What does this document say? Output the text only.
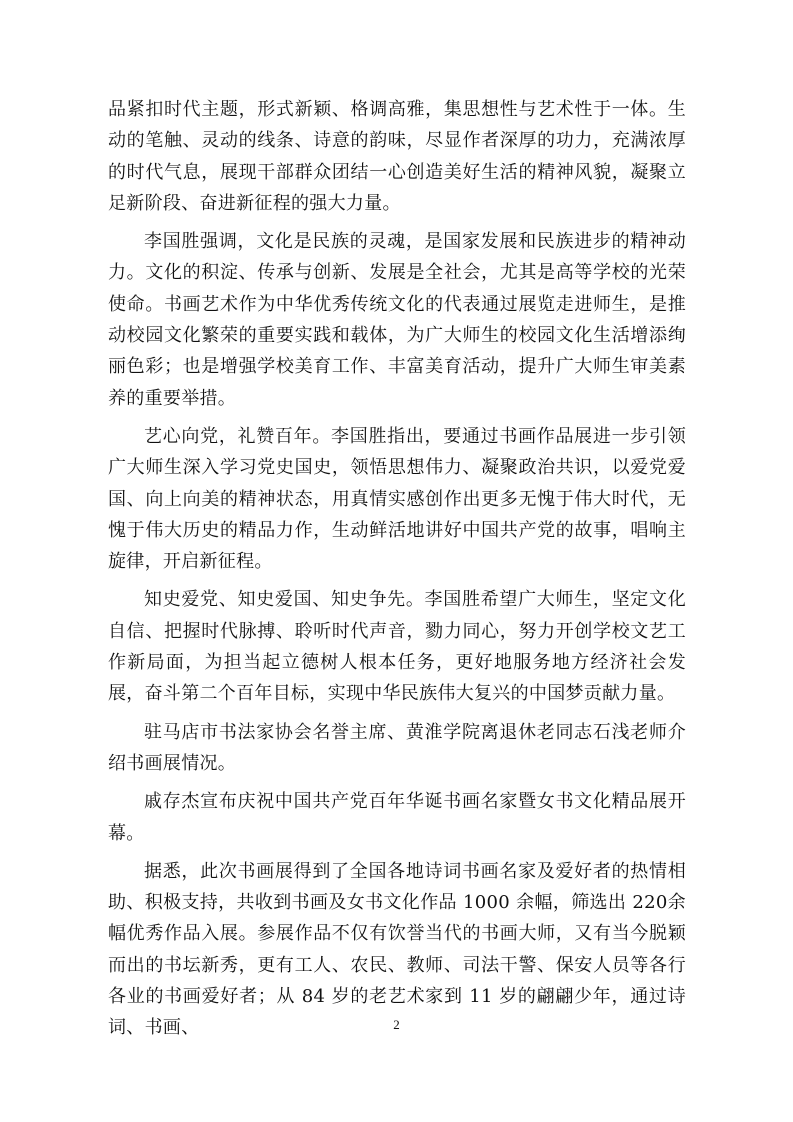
品紧扣时代主题，形式新颖、格调高雅，集思想性与艺术性于一体。生动的笔触、灵动的线条、诗意的韵味，尽显作者深厚的功力，充满浓厚的时代气息，展现干部群众团结一心创造美好生活的精神风貌，凝聚立足新阶段、奋进新征程的强大力量。

李国胜强调，文化是民族的灵魂，是国家发展和民族进步的精神动力。文化的积淀、传承与创新、发展是全社会，尤其是高等学校的光荣使命。书画艺术作为中华优秀传统文化的代表通过展览走进师生，是推动校园文化繁荣的重要实践和载体，为广大师生的校园文化生活增添绚丽色彩；也是增强学校美育工作、丰富美育活动，提升广大师生审美素养的重要举措。

艺心向党，礼赞百年。李国胜指出，要通过书画作品展进一步引领广大师生深入学习党史国史，领悟思想伟力、凝聚政治共识，以爱党爱国、向上向美的精神状态，用真情实感创作出更多无愧于伟大时代，无愧于伟大历史的精品力作，生动鲜活地讲好中国共产党的故事，唱响主旋律，开启新征程。

知史爱党、知史爱国、知史争先。李国胜希望广大师生，坚定文化自信、把握时代脉搏、聆听时代声音，勠力同心，努力开创学校文艺工作新局面，为担当起立德树人根本任务，更好地服务地方经济社会发展，奋斗第二个百年目标，实现中华民族伟大复兴的中国梦贡献力量。

驻马店市书法家协会名誉主席、黄淮学院离退休老同志石浅老师介绍书画展情况。

戚存杰宣布庆祝中国共产党百年华诞书画名家暨女书文化精品展开幕。

据悉，此次书画展得到了全国各地诗词书画名家及爱好者的热情相助、积极支持，共收到书画及女书文化作品 1000 余幅，筛选出 220余幅优秀作品入展。参展作品不仅有饮誉当代的书画大师，又有当今脱颖而出的书坛新秀，更有工人、农民、教师、司法干警、保安人员等各行各业的书画爱好者；从 84 岁的老艺术家到 11 岁的翩翩少年，通过诗词、书画、	2
